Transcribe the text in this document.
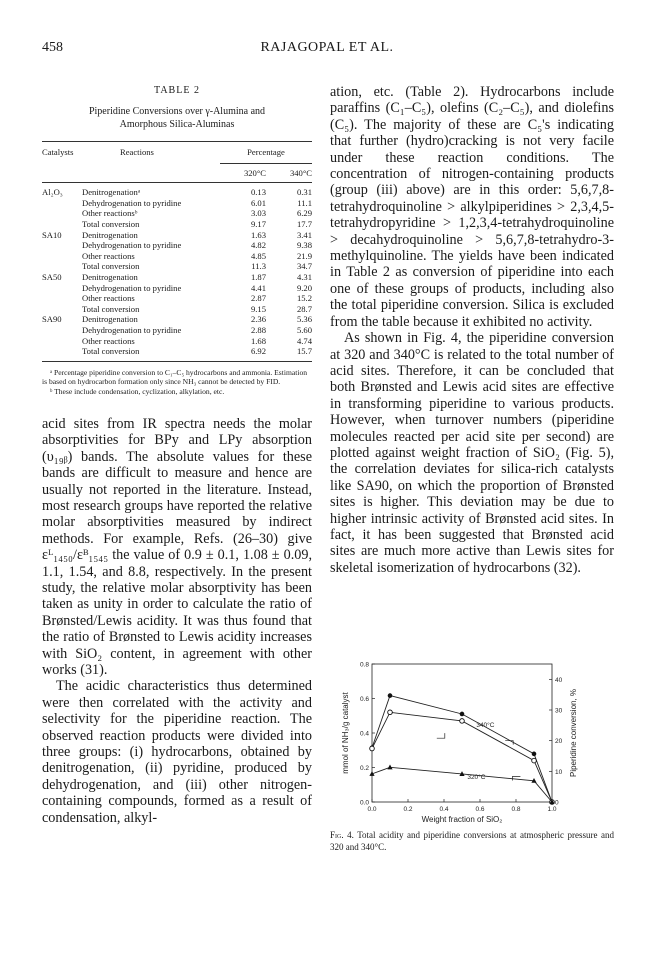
458	RAJAGOPAL ET AL.
TABLE 2
Piperidine Conversions over γ-Alumina and
Amorphous Silica-Aluminas
Catalysts	Reactions	Percentage	
		320°C	340°C
Al₂O₃	Denitrogenationᵃ	0.13	0.31
	Dehydrogenation to pyridine	6.01	11.1
	Other reactionsᵇ	3.03	6.29
	Total conversion	9.17	17.7
SA10	Denitrogenation	1.63	3.41
	Dehydrogenation to pyridine	4.82	9.38
	Other reactions	4.85	21.9
	Total conversion	11.3	34.7
SA50	Denitrogenation	1.87	4.31
	Dehydrogenation to pyridine	4.41	9.20
	Other reactions	2.87	15.2
	Total conversion	9.15	28.7
SA90	Denitrogenation	2.36	5.36
	Dehydrogenation to pyridine	2.88	5.60
	Other reactions	1.68	4.74
	Total conversion	6.92	15.7

ᵃ Percentage piperidine conversion to C₁–C₅ hydrocarbons and ammonia. Estimation is based on hydrocarbon formation only since NH₃ cannot be detected by FID.

ᵇ These include condensation, cyclization, alkylation, etc.

acid sites from IR spectra needs the molar absorptivities for BPy and LPy absorption (υ₁₉ᵦ) bands. The absolute values for these bands are difficult to measure and hence are usually not reported in the literature. Instead, most research groups have reported the relative molar absorptivities measured by indirect methods. For example, Refs. (26–30) give εᴸ₁₄₅₀/εᴮ₁₅₄₅ the value of 0.9 ± 0.1, 1.08 ± 0.09, 1.1, 1.54, and 8.8, respectively. In the present study, the relative molar absorptivity has been taken as unity in order to calculate the ratio of Brønsted/Lewis acidity. It was thus found that the ratio of Brønsted to Lewis acidity increases with SiO₂ content, in agreement with other works (31).

The acidic characteristics thus determined were then correlated with the activity and selectivity for the piperidine reaction. The observed reaction products were divided into three groups: (i) hydrocarbons, obtained by denitrogenation, (ii) pyridine, produced by dehydrogenation, and (iii) other nitrogen-containing compounds, formed as a result of condensation, alkyl-

ation, etc. (Table 2). Hydrocarbons include paraffins (C₁–C₅), olefins (C₂–C₅), and diolefins (C₅). The majority of these are C₅'s indicating that further (hydro)cracking is not very facile under these reaction conditions. The concentration of nitrogen-containing products (group (iii) above) are in this order: 5,6,7,8-tetrahydroquinoline > alkylpiperidines > 2,3,4,5-tetrahydropyridine > 1,2,3,4-tetrahydroquinoline > decahydroquinoline > 5,6,7,8-tetrahydro-3-methylquinoline. The yields have been indicated in Table 2 as conversion of piperidine into each one of these groups of products, including also the total piperidine conversion. Silica is excluded from the table because it exhibited no activity.

As shown in Fig. 4, the piperidine conversion at 320 and 340°C is related to the total number of acid sites. Therefore, it can be concluded that both Brønsted and Lewis acid sites are effective in transforming piperidine to various products. However, when turnover numbers (piperidine molecules reacted per acid site per second) are plotted against weight fraction of SiO₂ (Fig. 5), the correlation deviates for silica-rich catalysts like SA90, on which the proportion of Brønsted sites is higher. This deviation may be due to higher intrinsic activity of Brønsted acid sites. In fact, it has been suggested that Brønsted acid sites are much more active than Lewis sites for skeletal isomerization of hydrocarbons (32).

0.0	0.2	0.4	0.6	0.8	1.0
0.0
0.2
0.4
0.6
0.8
0
10
20
30
40
Weight fraction of SiO₂
mmol of NH₃/g catalyst	Piperidine conversion, %
340°C
320°C
Fig. 4. Total acidity and piperidine conversions at atmospheric pressure and 320 and 340°C.
